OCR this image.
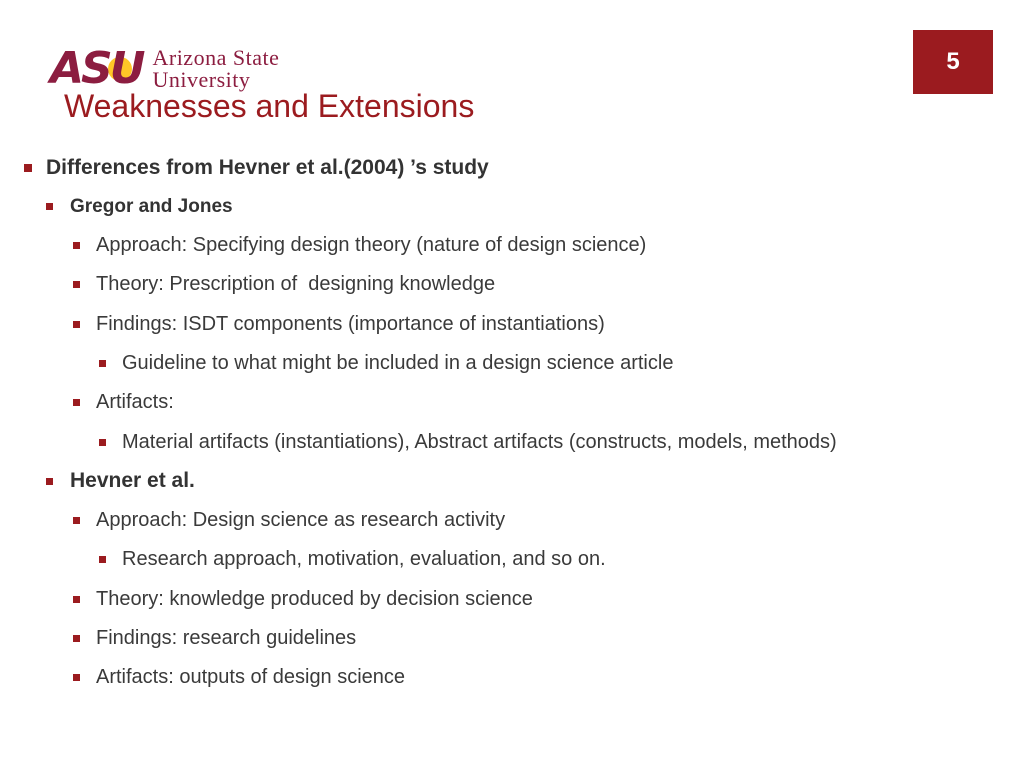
ASU Arizona State
University
5
Weaknesses and Extensions
Differences from Hevner et al.(2004) ’s study
Gregor and Jones
Approach: Specifying design theory (nature of design science)
Theory: Prescription of  designing knowledge
Findings: ISDT components (importance of instantiations)
Guideline to what might be included in a design science article
Artifacts:
Material artifacts (instantiations), Abstract artifacts (constructs, models, methods)
Hevner et al.
Approach: Design science as research activity
Research approach, motivation, evaluation, and so on.
Theory: knowledge produced by decision science
Findings: research guidelines
Artifacts: outputs of design science
